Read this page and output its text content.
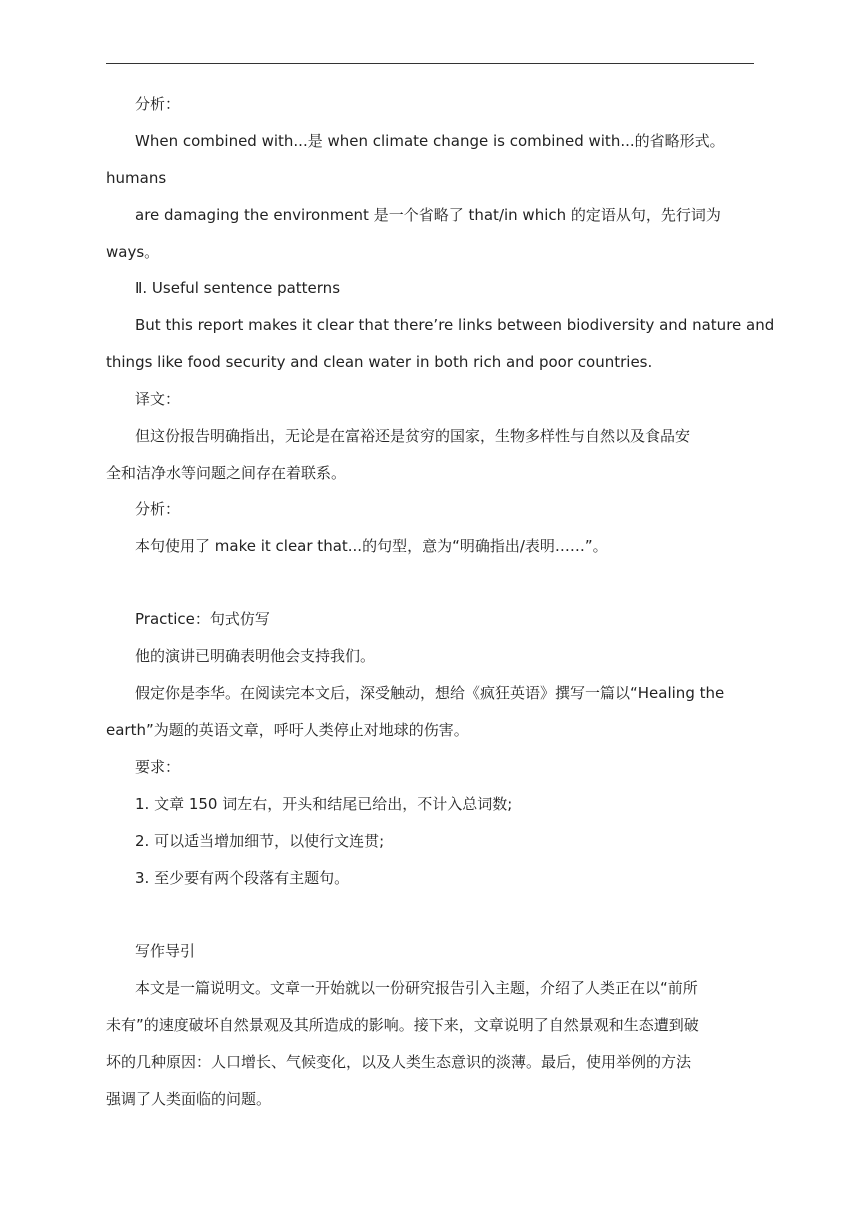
分析：
When combined with...是 when climate change is combined with...的省略形式。
humans
are damaging the environment 是一个省略了 that/in which 的定语从句，先行词为
ways。
Ⅱ. Useful sentence patterns
But this report makes it clear that there’re links between biodiversity and nature and
things like food security and clean water in both rich and poor countries.
译文：
但这份报告明确指出，无论是在富裕还是贫穷的国家，生物多样性与自然以及食品安
全和洁净水等问题之间存在着联系。
分析：
本句使用了 make it clear that...的句型，意为“明确指出/表明……”。
Practice：句式仿写
他的演讲已明确表明他会支持我们。
假定你是李华。在阅读完本文后，深受触动，想给《疯狂英语》撰写一篇以“Healing the
earth”为题的英语文章，呼吁人类停止对地球的伤害。
要求：
1. 文章 150 词左右，开头和结尾已给出，不计入总词数;
2. 可以适当增加细节，以使行文连贯;
3. 至少要有两个段落有主题句。
写作导引
本文是一篇说明文。文章一开始就以一份研究报告引入主题，介绍了人类正在以“前所
未有”的速度破坏自然景观及其所造成的影响。接下来，文章说明了自然景观和生态遭到破
坏的几种原因：人口增长、气候变化，以及人类生态意识的淡薄。最后，使用举例的方法
强调了人类面临的问题。
